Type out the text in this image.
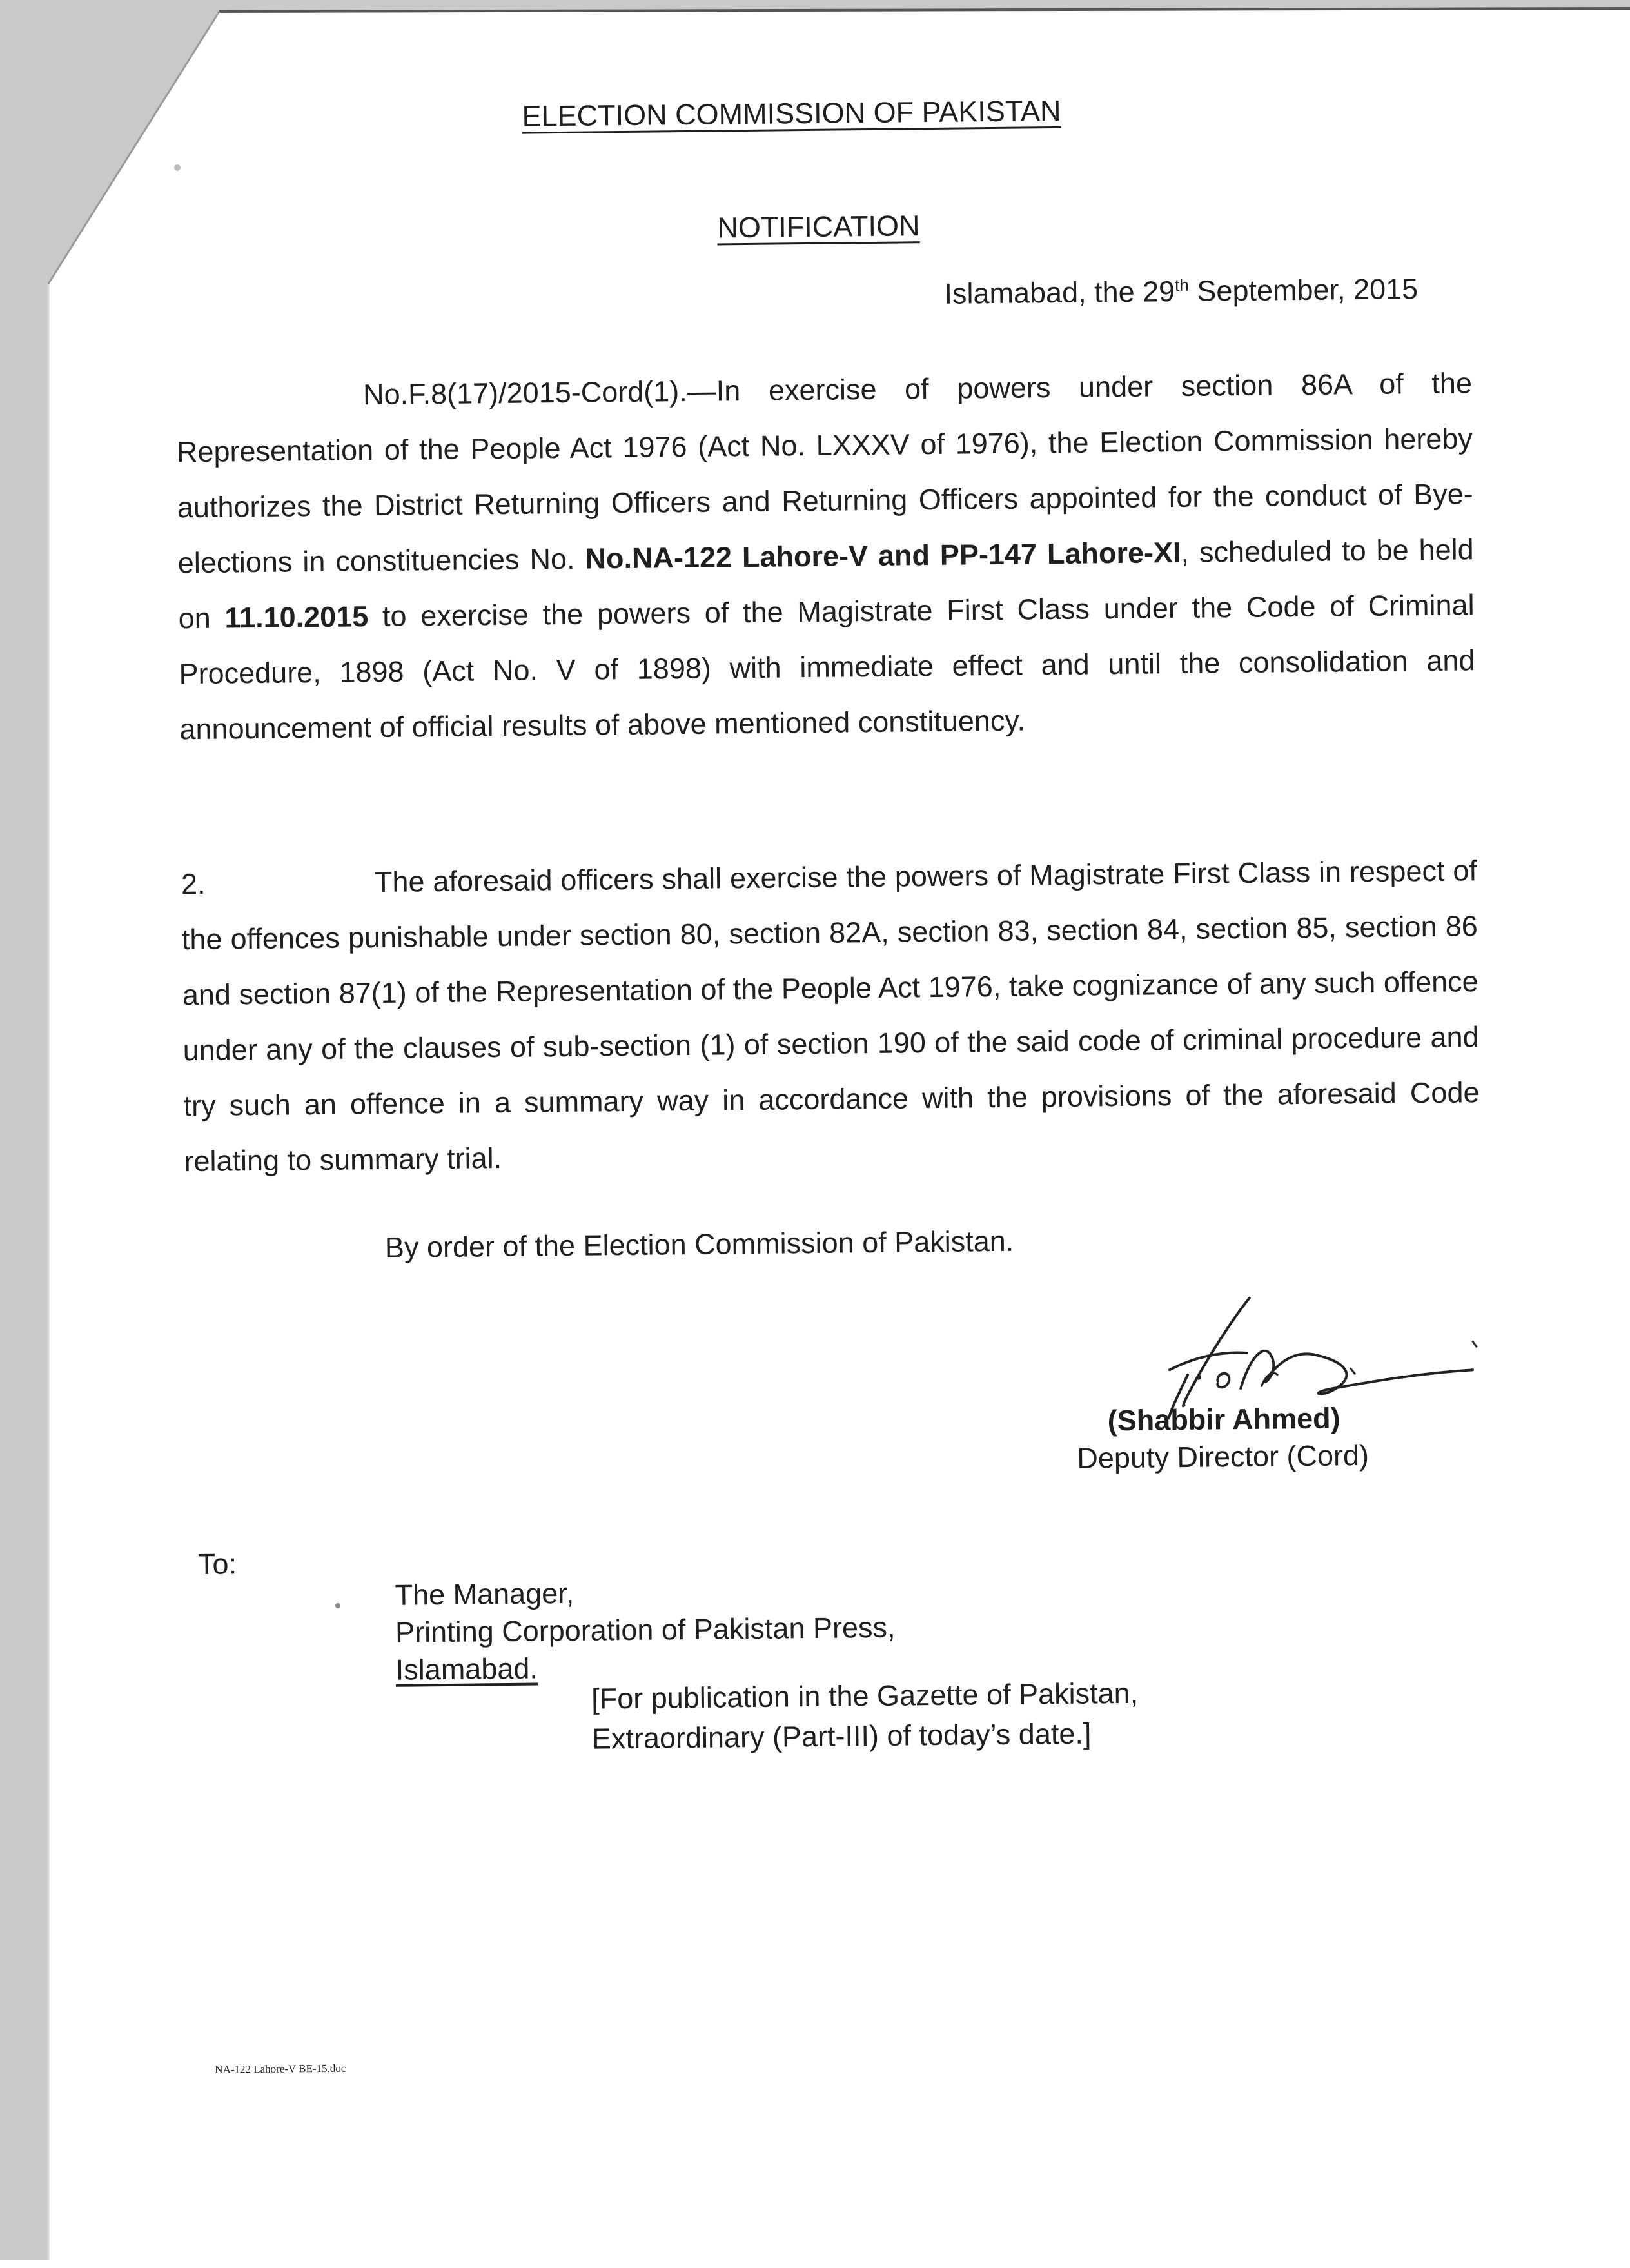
ELECTION COMMISSION OF PAKISTAN
NOTIFICATION
Islamabad, the 29th September, 2015
No.F.8(17)/2015-Cord(1).—In exercise of powers under section 86A of the Representation of the People Act 1976 (Act No. LXXXV of 1976), the Election Commission hereby authorizes the District Returning Officers and Returning Officers appointed for the conduct of Bye-elections in constituencies No. No.NA-122 Lahore-V and PP-147 Lahore-XI, scheduled to be held on 11.10.2015 to exercise the powers of the Magistrate First Class under the Code of Criminal Procedure, 1898 (Act No. V of 1898) with immediate effect and until the consolidation and announcement of official results of above mentioned constituency.
2.	The aforesaid officers shall exercise the powers of Magistrate First Class in respect of the offences punishable under section 80, section 82A, section 83, section 84, section 85, section 86 and section 87(1) of the Representation of the People Act 1976, take cognizance of any such offence under any of the clauses of sub-section (1) of section 190 of the said code of criminal procedure and try such an offence in a summary way in accordance with the provisions of the aforesaid Code relating to summary trial.
By order of the Election Commission of Pakistan.
(Shabbir Ahmed)
Deputy Director (Cord)
To:
The Manager,
Printing Corporation of Pakistan Press,
Islamabad.
[For publication in the Gazette of Pakistan,
Extraordinary (Part-III) of today’s date.]
NA-122 Lahore-V BE-15.doc
